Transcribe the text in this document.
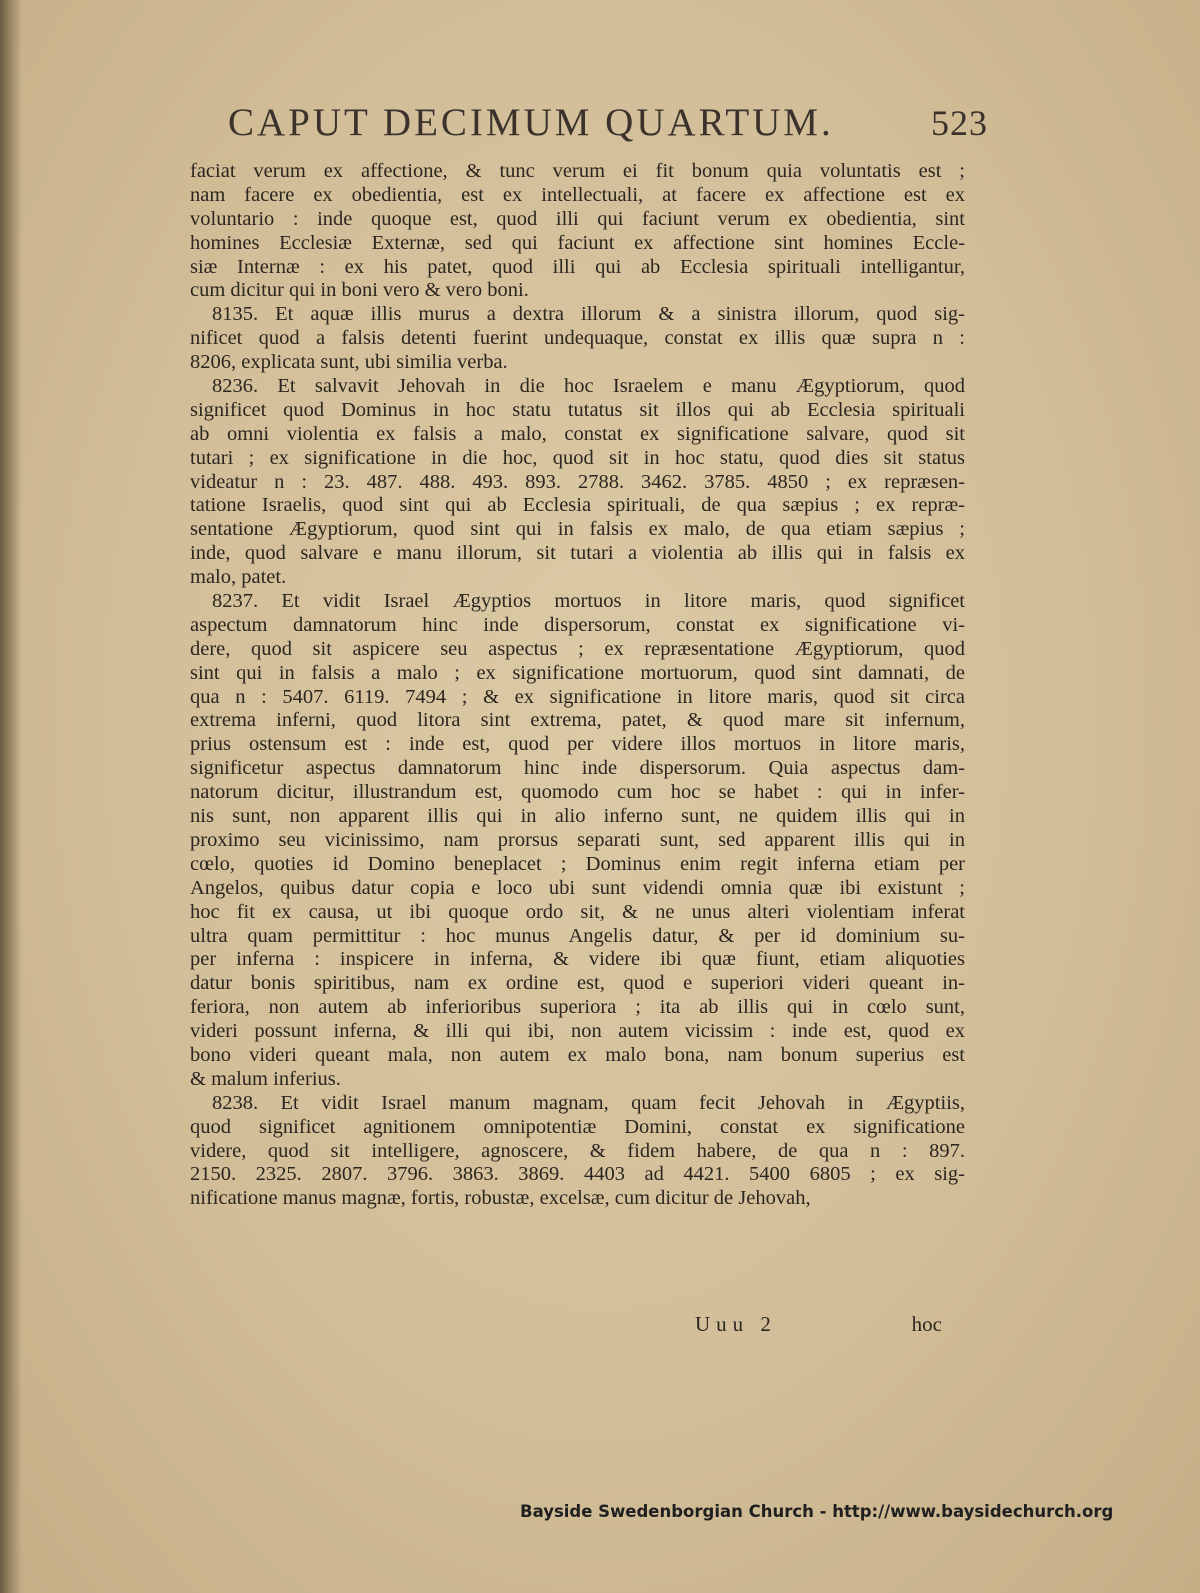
CAPUT DECIMUM QUARTUM.	523
faciat verum ex affectione, & tunc verum ei fit bonum quia voluntatis est ;
nam facere ex obedientia, est ex intellectuali, at facere ex affectione est ex
voluntario : inde quoque est, quod illi qui faciunt verum ex obedientia, sint
homines Ecclesiæ Externæ, sed qui faciunt ex affectione sint homines Eccle-
siæ Internæ : ex his patet, quod illi qui ab Ecclesia spirituali intelligantur,
cum dicitur qui in boni vero & vero boni.
8135. Et aquæ illis murus a dextra illorum & a sinistra illorum, quod sig-
nificet quod a falsis detenti fuerint undequaque, constat ex illis quæ supra n :
8206, explicata sunt, ubi similia verba.
8236. Et salvavit Jehovah in die hoc Israelem e manu Ægyptiorum, quod
significet quod Dominus in hoc statu tutatus sit illos qui ab Ecclesia spirituali
ab omni violentia ex falsis a malo, constat ex significatione salvare, quod sit
tutari ; ex significatione in die hoc, quod sit in hoc statu, quod dies sit status
videatur n : 23. 487. 488. 493. 893. 2788. 3462. 3785. 4850 ; ex repræsen-
tatione Israelis, quod sint qui ab Ecclesia spirituali, de qua sæpius ; ex repræ-
sentatione Ægyptiorum, quod sint qui in falsis ex malo, de qua etiam sæpius ;
inde, quod salvare e manu illorum, sit tutari a violentia ab illis qui in falsis ex
malo, patet.
8237. Et vidit Israel Ægyptios mortuos in litore maris, quod significet
aspectum damnatorum hinc inde dispersorum, constat ex significatione vi-
dere, quod sit aspicere seu aspectus ; ex repræsentatione Ægyptiorum, quod
sint qui in falsis a malo ; ex significatione mortuorum, quod sint damnati, de
qua n : 5407. 6119. 7494 ; & ex significatione in litore maris, quod sit circa
extrema inferni, quod litora sint extrema, patet, & quod mare sit infernum,
prius ostensum est : inde est, quod per videre illos mortuos in litore maris,
significetur aspectus damnatorum hinc inde dispersorum. Quia aspectus dam-
natorum dicitur, illustrandum est, quomodo cum hoc se habet : qui in infer-
nis sunt, non apparent illis qui in alio inferno sunt, ne quidem illis qui in
proximo seu vicinissimo, nam prorsus separati sunt, sed apparent illis qui in
cœlo, quoties id Domino beneplacet ; Dominus enim regit inferna etiam per
Angelos, quibus datur copia e loco ubi sunt videndi omnia quæ ibi existunt ;
hoc fit ex causa, ut ibi quoque ordo sit, & ne unus alteri violentiam inferat
ultra quam permittitur : hoc munus Angelis datur, & per id dominium su-
per inferna : inspicere in inferna, & videre ibi quæ fiunt, etiam aliquoties
datur bonis spiritibus, nam ex ordine est, quod e superiori videri queant in-
feriora, non autem ab inferioribus superiora ; ita ab illis qui in cœlo sunt,
videri possunt inferna, & illi qui ibi, non autem vicissim : inde est, quod ex
bono videri queant mala, non autem ex malo bona, nam bonum superius est
& malum inferius.
8238. Et vidit Israel manum magnam, quam fecit Jehovah in Ægyptiis,
quod significet agnitionem omnipotentiæ Domini, constat ex significatione
videre, quod sit intelligere, agnoscere, & fidem habere, de qua n : 897.
2150. 2325. 2807. 3796. 3863. 3869. 4403 ad 4421. 5400 6805 ; ex sig-
nificatione manus magnæ, fortis, robustæ, excelsæ, cum dicitur de Jehovah,
Uuu 2	hoc
Bayside Swedenborgian Church - http://www.baysidechurch.org
